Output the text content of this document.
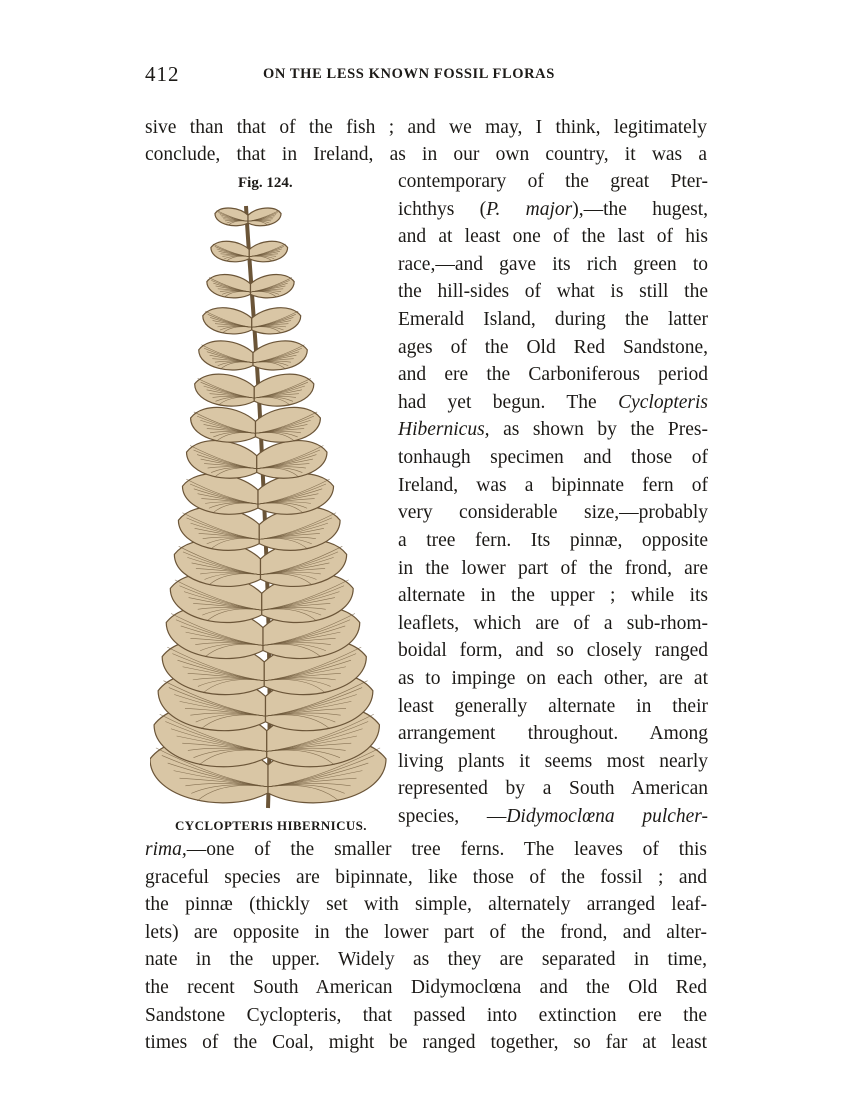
412	ON THE LESS KNOWN FOSSIL FLORAS
sive than that of the fish ; and we may, I think, legitimately
conclude, that in Ireland, as in our own country, it was a
Fig. 124.	contemporary of the great Pter-
ichthys (P. major),—the hugest,
and at least one of the last of his
race,—and gave its rich green to
the hill-sides of what is still the
Emerald Island, during the latter
ages of the Old Red Sandstone,
and ere the Carboniferous period
had yet begun. The Cyclopteris
Hibernicus, as shown by the Pres-
tonhaugh specimen and those of
Ireland, was a bipinnate fern of
very considerable size,—probably
a tree fern. Its pinnæ, opposite
in the lower part of the frond, are
alternate in the upper ; while its
leaflets, which are of a sub-rhom-
boidal form, and so closely ranged
as to impinge on each other, are at
least generally alternate in their
arrangement throughout. Among
living plants it seems most nearly
represented by a South American
species, —Didymoclœna pulcher-
CYCLOPTERIS HIBERNICUS.
rima,—one of the smaller tree ferns. The leaves of this
graceful species are bipinnate, like those of the fossil ; and
the pinnæ (thickly set with simple, alternately arranged leaf-
lets) are opposite in the lower part of the frond, and alter-
nate in the upper. Widely as they are separated in time,
the recent South American Didymoclœna and the Old Red
Sandstone Cyclopteris, that passed into extinction ere the
times of the Coal, might be ranged together, so far at least
